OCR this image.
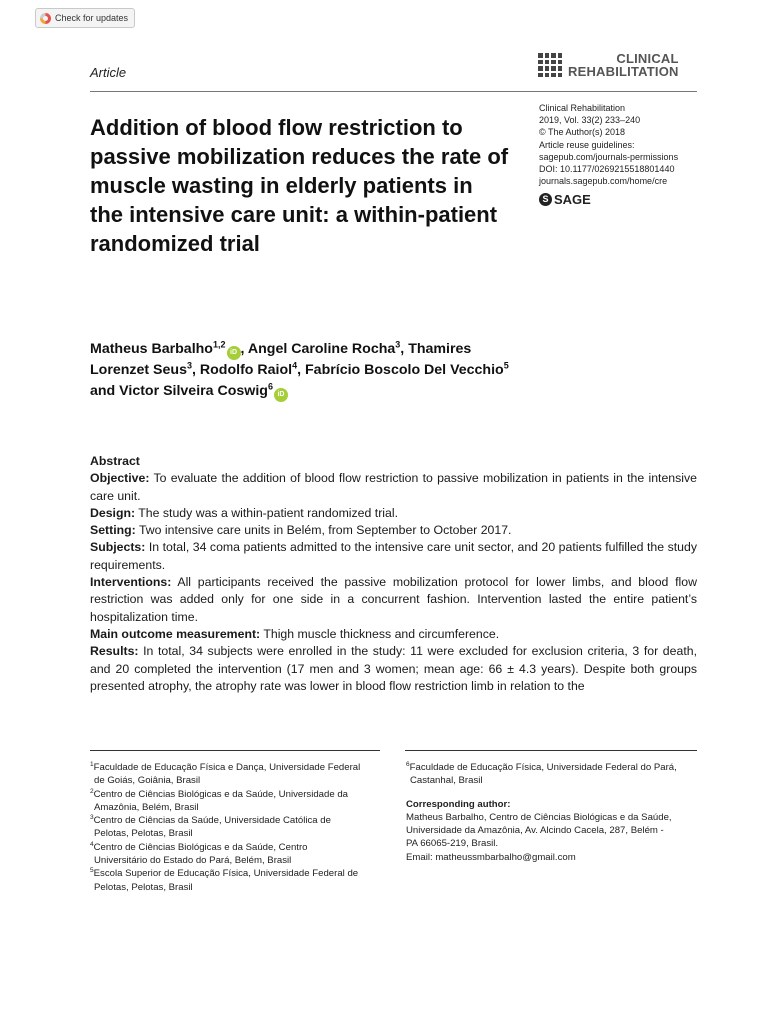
Check for updates
Article
CLINICAL
REHABILITATION
Clinical Rehabilitation
2019, Vol. 33(2) 233–240
© The Author(s) 2018
Article reuse guidelines:
sagepub.com/journals-permissions
DOI: 10.1177/0269215518801440
journals.sagepub.com/home/cre
S SAGE
Addition of blood flow restriction to passive mobilization reduces the rate of muscle wasting in elderly patients in the intensive care unit: a within-patient randomized trial
Matheus Barbalho$^{1,2}$iD , Angel Caroline Rocha$^3$, Thamires Lorenzet Seus$^3$, Rodolfo Raiol$^4$, Fabrício Boscolo Del Vecchio$^5$ and Victor Silveira Coswig$^6$iD
Abstract

Objective: To evaluate the addition of blood flow restriction to passive mobilization in patients in the intensive care unit.

Design: The study was a within-patient randomized trial.

Setting: Two intensive care units in Belém, from September to October 2017.

Subjects: In total, 34 coma patients admitted to the intensive care unit sector, and 20 patients fulfilled the study requirements.

Interventions: All participants received the passive mobilization protocol for lower limbs, and blood flow restriction was added only for one side in a concurrent fashion. Intervention lasted the entire patient’s hospitalization time.

Main outcome measurement: Thigh muscle thickness and circumference.

Results: In total, 34 subjects were enrolled in the study: 11 were excluded for exclusion criteria, 3 for death, and 20 completed the intervention (17 men and 3 women; mean age: 66 ± 4.3 years). Despite both groups presented atrophy, the atrophy rate was lower in blood flow restriction limb in relation to the

$^1$Faculdade de Educação Física e Dança, Universidade Federal
de Goiás, Goiânia, Brasil

$^2$Centro de Ciências Biológicas e da Saúde, Universidade da
Amazônia, Belém, Brasil

$^3$Centro de Ciências da Saúde, Universidade Católica de
Pelotas, Pelotas, Brasil

$^4$Centro de Ciências Biológicas e da Saúde, Centro
Universitário do Estado do Pará, Belém, Brasil

$^5$Escola Superior de Educação Física, Universidade Federal de
Pelotas, Pelotas, Brasil

$^6$Faculdade de Educação Física, Universidade Federal do Pará,
Castanhal, Brasil

Corresponding author:
Matheus Barbalho, Centro de Ciências Biológicas e da Saúde,
Universidade da Amazônia, Av. Alcindo Cacela, 287, Belém -
PA 66065-219, Brasil.
Email: matheussmbarbalho@gmail.com
